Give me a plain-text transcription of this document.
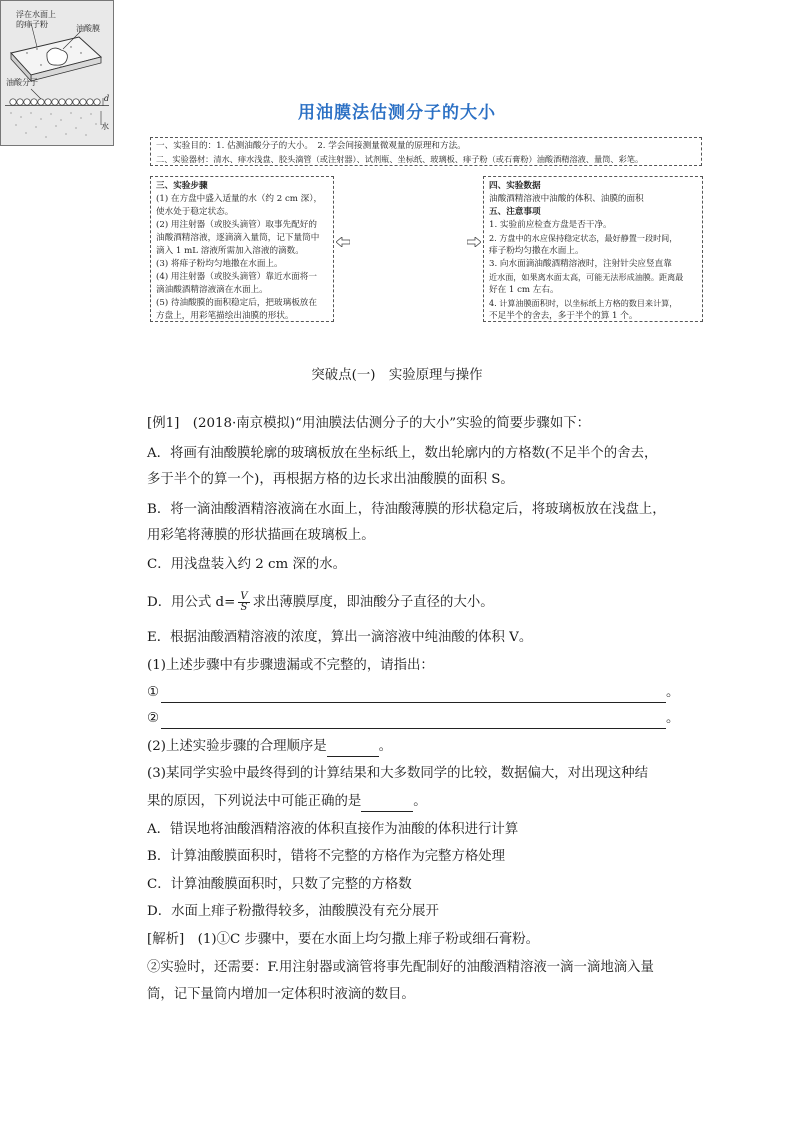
用油膜法估测分子的大小
一、实验目的：1. 估测油酸分子的大小。　2. 学会间接测量微观量的原理和方法。
二、实验器材：清水、痱水浅盘、胶头滴管（或注射器）、试剂瓶、坐标纸、玻璃板、痱子粉（或石膏粉）油酸酒精溶液、量筒、彩笔。
三、实验步骤
(1) 在方盘中盛入适量的水（约 2 cm 深），
使水处于稳定状态。
(2) 用注射器（或胶头滴管）取事先配好的
油酸酒精溶液，逐滴滴入量筒，记下量筒中
滴入 1 mL 溶液所需加入溶液的滴数。
(3) 将痱子粉均匀地撒在水面上。
(4) 用注射器（或胶头滴管）靠近水面将一
滴油酸酒精溶液滴在水面上。
(5) 待油酸膜的面积稳定后，把玻璃板放在
方盘上，用彩笔描绘出油膜的形状。
浮在水面上
的痱子粉	油酸膜
油酸分子
d
水
四、实验数据
油酸酒精溶液中油酸的体积、油膜的面积
五、注意事项
1. 实验前应检查方盘是否干净。
2. 方盘中的水应保持稳定状态，最好静置一段时间，
痱子粉均匀撒在水面上。
3. 向水面滴油酸酒精溶液时，注射针尖应竖直靠
近水面，如果离水面太高，可能无法形成油膜。距离最
好在 1 cm 左右。
4. 计算油膜面积时，以坐标纸上方格的数目来计算，
不足半个的舍去，多于半个的算 1 个。
突破点(一)　实验原理与操作
[例1]　(2018·南京模拟)“用油膜法估测分子的大小”实验的简要步骤如下：
A．将画有油酸膜轮廓的玻璃板放在坐标纸上，数出轮廓内的方格数(不足半个的舍去，
多于半个的算一个)，再根据方格的边长求出油酸膜的面积 S。
B．将一滴油酸酒精溶液滴在水面上，待油酸薄膜的形状稳定后，将玻璃板放在浅盘上，
用彩笔将薄膜的形状描画在玻璃板上。
C．用浅盘装入约 2 cm 深的水。
D．用公式 $d= \frac{V}{S}$ 求出薄膜厚度，即油酸分子直径的大小。
E．根据油酸酒精溶液的浓度，算出一滴溶液中纯油酸的体积 V。
(1)上述步骤中有步骤遗漏或不完整的，请指出：
①	。
②	。
(2)上述实验步骤的合理顺序是	。
(3)某同学实验中最终得到的计算结果和大多数同学的比较，数据偏大，对出现这种结
果的原因，下列说法中可能正确的是	。
A．错误地将油酸酒精溶液的体积直接作为油酸的体积进行计算
B．计算油酸膜面积时，错将不完整的方格作为完整方格处理
C．计算油酸膜面积时，只数了完整的方格数
D．水面上痱子粉撒得较多，油酸膜没有充分展开
[解析]　(1)①C 步骤中，要在水面上均匀撒上痱子粉或细石膏粉。
②实验时，还需要：F.用注射器或滴管将事先配制好的油酸酒精溶液一滴一滴地滴入量
筒，记下量筒内增加一定体积时液滴的数目。
